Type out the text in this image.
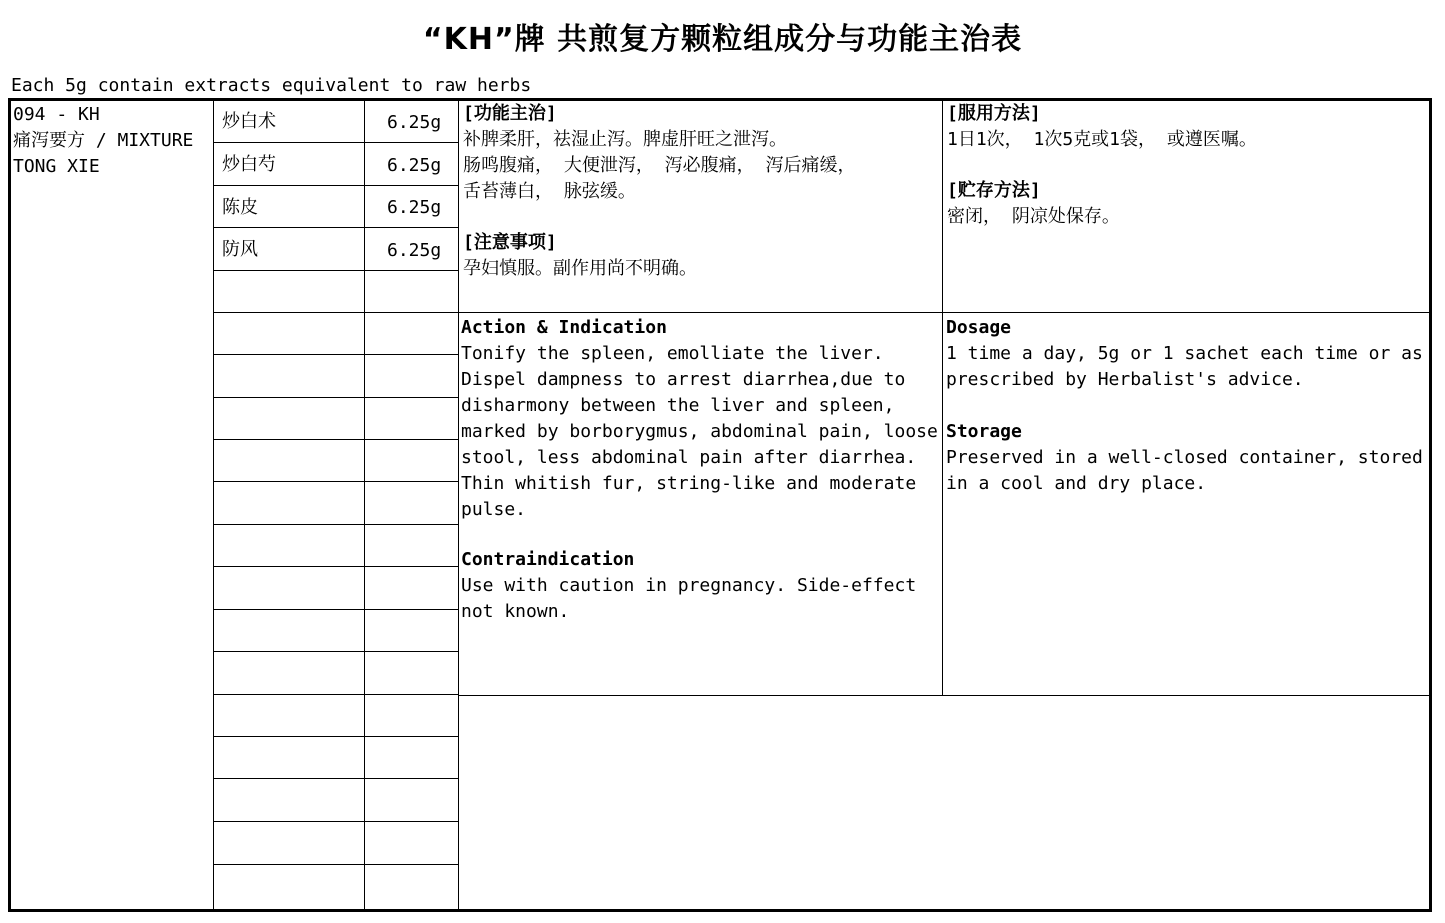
“KH”牌 共煎复方颗粒组成分与功能主治表
Each 5g contain extracts equivalent to raw herbs
094 - KH
痛泻要方 / MIXTURE
TONG XIE
炒白术	6.25g
炒白芍	6.25g
陈皮	6.25g
防风	6.25g
[功能主治]
补脾柔肝，祛湿止泻。脾虚肝旺之泄泻。
肠鸣腹痛， 大便泄泻， 泻必腹痛， 泻后痛缓，
舌苔薄白， 脉弦缓。
[注意事项]
孕妇慎服。副作用尚不明确。
[服用方法]
1日1次， 1次5克或1袋， 或遵医嘱。
[贮存方法]
密闭， 阴凉处保存。
Action & Indication
Tonify the spleen, emolliate the liver.
Dispel dampness to arrest diarrhea,due to
disharmony between the liver and spleen,
marked by borborygmus, abdominal pain, loose
stool, less abdominal pain after diarrhea.
Thin whitish fur, string-like and moderate
pulse.
Contraindication
Use with caution in pregnancy. Side-effect
not known.
Dosage
1 time a day, 5g or 1 sachet each time or as
prescribed by Herbalist's advice.
Storage
Preserved in a well-closed container, stored
in a cool and dry place.
